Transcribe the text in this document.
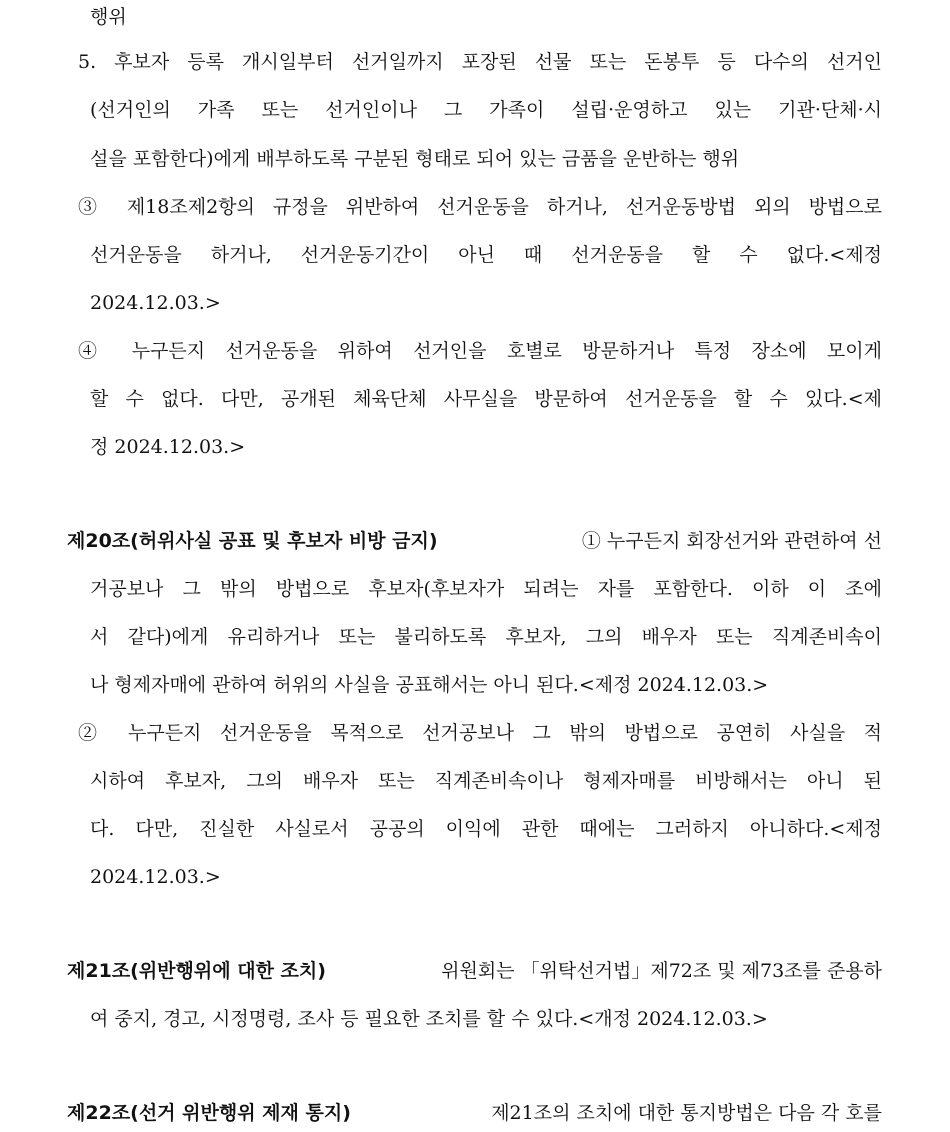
행위
5. 후보자 등록 개시일부터 선거일까지 포장된 선물 또는 돈봉투 등 다수의 선거인
(선거인의 가족 또는 선거인이나 그 가족이 설립·운영하고 있는 기관·단체·시
설을 포함한다)에게 배부하도록 구분된 형태로 되어 있는 금품을 운반하는 행위
③ 제18조제2항의 규정을 위반하여 선거운동을 하거나, 선거운동방법 외의 방법으로
선거운동을 하거나, 선거운동기간이 아닌 때 선거운동을 할 수 없다.<제정
2024.12.03.>
④ 누구든지 선거운동을 위하여 선거인을 호별로 방문하거나 특정 장소에 모이게
할 수 없다. 다만, 공개된 체육단체 사무실을 방문하여 선거운동을 할 수 있다.<제
정 2024.12.03.>
제20조(허위사실 공표 및 후보자 비방 금지)	① 누구든지 회장선거와 관련하여 선
거공보나 그 밖의 방법으로 후보자(후보자가 되려는 자를 포함한다. 이하 이 조에
서 같다)에게 유리하거나 또는 불리하도록 후보자, 그의 배우자 또는 직계존비속이
나 형제자매에 관하여 허위의 사실을 공표해서는 아니 된다.<제정 2024.12.03.>
② 누구든지 선거운동을 목적으로 선거공보나 그 밖의 방법으로 공연히 사실을 적
시하여 후보자, 그의 배우자 또는 직계존비속이나 형제자매를 비방해서는 아니 된
다. 다만, 진실한 사실로서 공공의 이익에 관한 때에는 그러하지 아니하다.<제정
2024.12.03.>
제21조(위반행위에 대한 조치)	위원회는 「위탁선거법」제72조 및 제73조를 준용하
여 중지, 경고, 시정명령, 조사 등 필요한 조치를 할 수 있다.<개정 2024.12.03.>
제22조(선거 위반행위 제재 통지)	제21조의 조치에 대한 통지방법은 다음 각 호를
